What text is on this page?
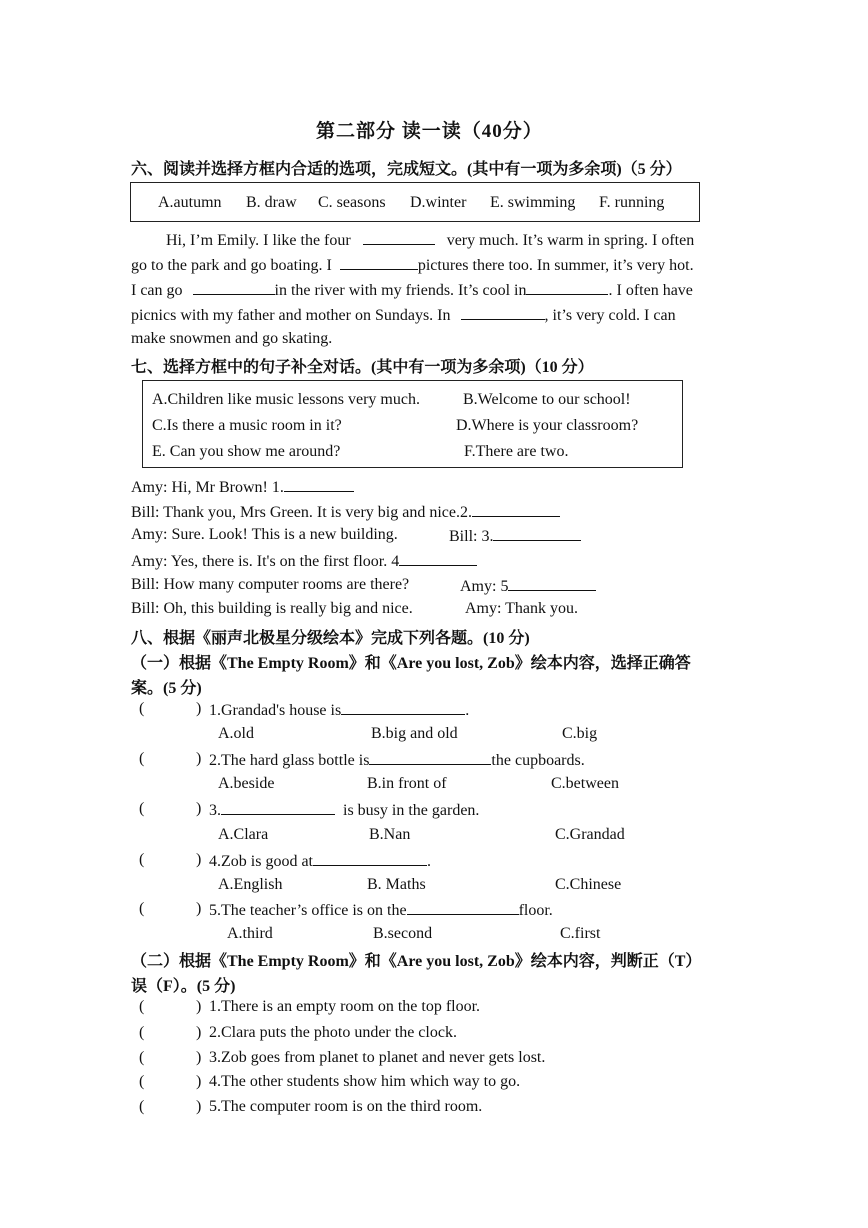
第二部分 读一读（40分）
六、阅读并选择方框内合适的选项，完成短文。(其中有一项为多余项)（5 分）
A.autumn B. draw C. seasons D.winter E. swimming F. running
Hi, I’m Emily. I like the four	very much. It’s warm in spring. I often
go to the park and go boating. I	pictures there too. In summer, it’s very hot.
I can go	in the river with my friends. It’s cool in	. I often have
picnics with my father and mother on Sundays. In	, it’s very cold. I can
make snowmen and go skating.
七、选择方框中的句子补全对话。(其中有一项为多余项)（10 分）
A.Children like music lessons very much.	B.Welcome to our school!
C.Is there a music room in it?	D.Where is your classroom?
E. Can you show me around?	F.There are two.
Amy: Hi, Mr Brown! 1.
Bill: Thank you, Mrs Green. It is very big and nice.2.
Amy: Sure. Look! This is a new building.	Bill: 3.
Amy: Yes, there is. It's on the first floor. 4
Bill: How many computer rooms are there?	Amy: 5
Bill: Oh, this building is really big and nice.	Amy: Thank you.
八、根据《丽声北极星分级绘本》完成下列各题。(10 分)
（一）根据《The Empty Room》和《Are you lost, Zob》绘本内容，选择正确答
案。(5 分)
(	) 1.Grandad's house is	.
A.old	B.big and old	C.big
(	) 2.The hard glass bottle is	the cupboards.
A.beside	B.in front of	C.between
(	) 3.	is busy in the garden.
A.Clara	B.Nan	C.Grandad
(	) 4.Zob is good at	.
A.English	B. Maths	C.Chinese
(	) 5.The teacher’s office is on the	floor.
A.third	B.second	C.first
（二）根据《The Empty Room》和《Are you lost, Zob》绘本内容，判断正（T）
误（F）。(5 分)
(	) 1.There is an empty room on the top floor.
(	) 2.Clara puts the photo under the clock.
(	) 3.Zob goes from planet to planet and never gets lost.
(	) 4.The other students show him which way to go.
(	) 5.The computer room is on the third room.
